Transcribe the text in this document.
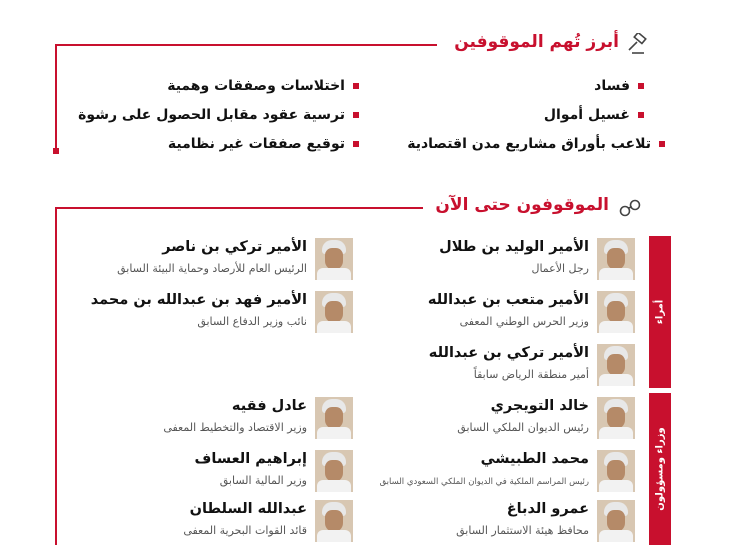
أبرز تُهم الموقوفين
فساد
غسيل أموال
تلاعب بأوراق مشاريع مدن اقتصادية
اختلاسات وصفقات وهمية
ترسية عقود مقابل الحصول على رشوة
توقيع صفقات غير نظامية
الموقوفون حتى الآن
أمراء
وزراء ومسؤولون
الأمير الوليد بن طلال
رجل الأعمال
الأمير متعب بن عبدالله
وزير الحرس الوطني المعفى
الأمير تركي بن عبدالله
أمير منطقة الرياض سابقاً
الأمير تركي بن ناصر
الرئيس العام للأرصاد وحماية البيئة السابق
الأمير فهد بن عبدالله بن محمد
نائب وزير الدفاع السابق
خالد التويجري
رئيس الديوان الملكي السابق
محمد الطبيشي
رئيس المراسم الملكية في الديوان الملكي السعودي السابق
عمرو الدباغ
محافظ هيئة الاستثمار السابق
عادل فقيه
وزير الاقتصاد والتخطيط المعفى
إبراهيم العساف
وزير المالية السابق
عبدالله السلطان
قائد القوات البحرية المعفى
